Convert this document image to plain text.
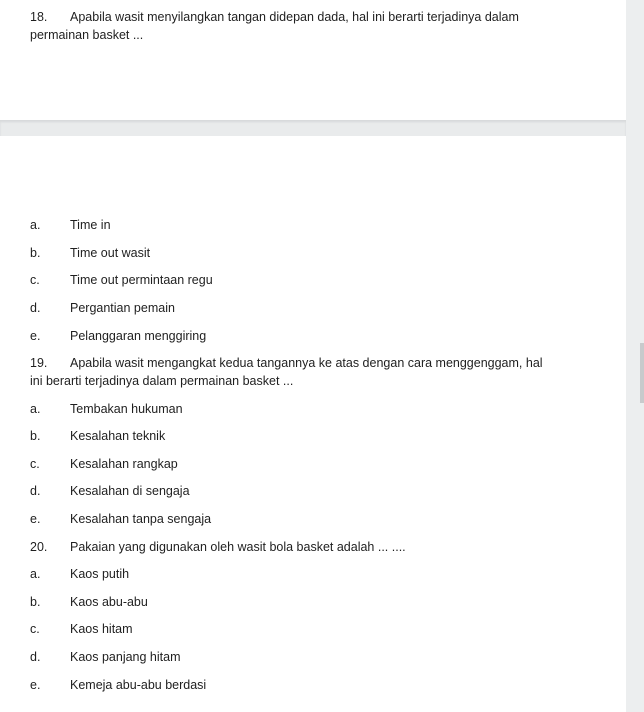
18. Apabila wasit menyilangkan tangan didepan dada, hal ini berarti terjadinya dalam
permainan basket ...
a. Time in
b. Time out wasit
c. Time out permintaan regu
d. Pergantian pemain
e. Pelanggaran menggiring
19. Apabila wasit mengangkat kedua tangannya ke atas dengan cara menggenggam, hal
ini berarti terjadinya dalam permainan basket ...
a. Tembakan hukuman
b. Kesalahan teknik
c. Kesalahan rangkap
d. Kesalahan di sengaja
e. Kesalahan tanpa sengaja
20. Pakaian yang digunakan oleh wasit bola basket adalah ... ....
a. Kaos putih
b. Kaos abu-abu
c. Kaos hitam
d. Kaos panjang hitam
e. Kemeja abu-abu berdasi
